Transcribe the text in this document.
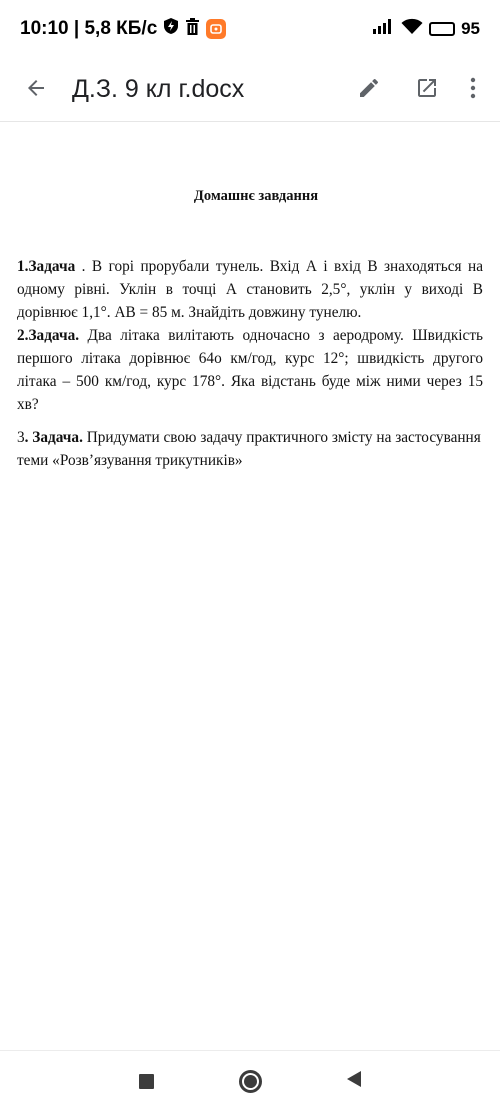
10:10 | 5,8 КБ/с	95
Д.З. 9 кл г.docx
Домашнє завдання

1.Задача . В горі прорубали тунель. Вхід А і вхід В знаходяться на одному рівні. Уклін в точці А становить 2,5°, уклін у виході В дорівнює 1,1°. АВ = 85 м. Знайдіть довжину тунелю.

2.Задача. Два літака вилітають одночасно з аеродрому. Швидкість першого літака дорівнює 64о км/год, курс 12°; швидкість другого літака – 500 км/год, курс 178°. Яка відстань буде між ними через 15 хв?

3. Задача. Придумати свою задачу практичного змісту на застосування теми «Розв’язування трикутників»
